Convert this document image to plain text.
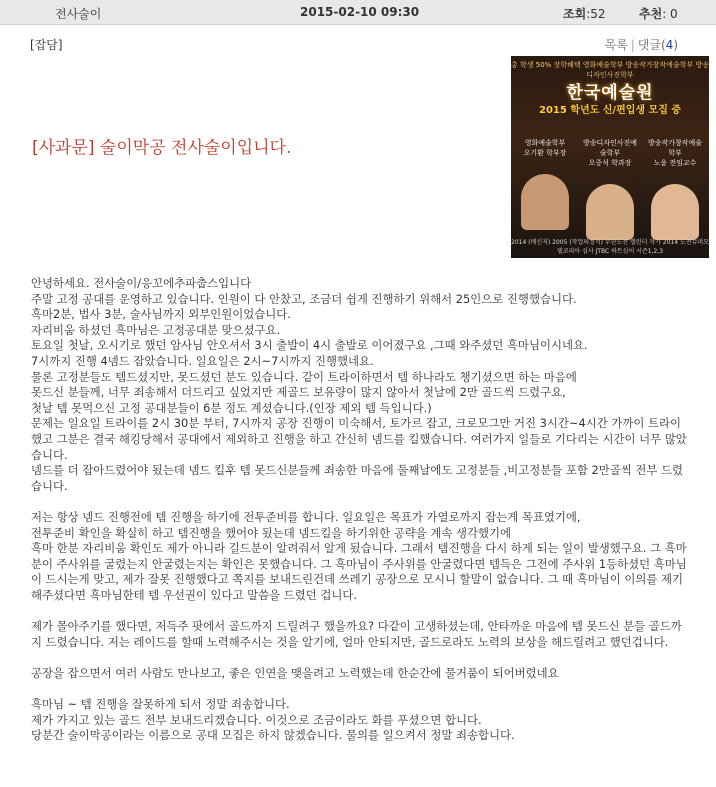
전사술이	2015-02-10 09:30	조회:52	추천: 0
[잡담]	목록 | 댓글(4)
[사과문] 술이막공 전사술이입니다.
총 학생 50% 장학혜택 영화예술학부 방송작가창작예술학부 방송디자인사진학부
한국예술원
2015 학년도 신/편입생 모집 중
영화예술학부
오기환 학부장
방송디자인사진예술학부
오중석 학과장
방송작가창작예술학부
노윤 전임교수
2014 (메신저) 2005 (작업의정석) 무한도전 캘린더 작가 2014 도전슈퍼모델코리아 심사 JTBC 하트심어 시즌1,2,3

안녕하세요. 전사술이/응꼬에추파춥스입니다

주말 고정 공대를 운영하고 있습니다. 인원이 다 안찼고, 조금더 쉽게 진행하기 위해서 25인으로 진행했습니다.

흑마2분, 법사 3분, 술사님까지 외부인원이었습니다.

자리비움 하셨던 흑마님은 고정공대분 맞으셨구요.

토요일 첫날, 오시기로 했던 암사님 안오셔서 3시 출발이 4시 출발로 이어졌구요 ,그때 와주셨던 흑마님이시네요.

7시까지 진행 4넴드 잡았습니다. 일요일은 2시~7시까지 진행했네요.

물론 고정분들도 템드셨지만, 못드셨던 분도 있습니다. 같이 트라이하면서 템 하나라도 챙기셨으면 하는 마음에

못드신 분들께, 너무 죄송해서 더드리고 싶었지만 제골드 보유량이 많지 않아서 첫날에 2만 골드씩 드렸구요,

첫날 템 못먹으신 고정 공대분들이 6분 정도 계셨습니다.(인장 제외 템 득입니다.)

문제는 일요일 트라이를 2시 30분 부터, 7시까지 공장 진행이 미숙해서, 토가르 잡고, 크로모그만 거진 3시간~4시간 가까이 트라이했고 그분은 결국 해킹당해서 공대에서 제외하고 진행을 하고 간신히 넴드를 킬했습니다. 여러가지 일들로 기다리는 시간이 너무 많았습니다.

넴드를 더 잡아드렸어야 됬는데 넴드 킬후 템 못드신분들께 죄송한 마음에 둘째날에도 고정분들 ,비고정분들 포함 2만골씩 전부 드렸습니다.

저는 항상 넴드 진행전에 템 진행을 하기에 전투준비를 합니다. 일요일은 목표가 가열로까지 잡는게 목표였기에,

전투준비 확인을 확실히 하고 템진행을 했어야 됬는데 넴드킬을 하기위한 공략을 계속 생각했기에

흑마 한분 자리비움 확인도 제가 아니라 길드분이 알려줘서 알게 됬습니다. 그래서 템진행을 다시 하게 되는 일이 발생했구요. 그 흑마분이 주사위를 굴렸는지 안굴렸는지는 확인은 못했습니다. 그 흑마님이 주사위를 안굴렸다면 템득은 그전에 주사위 1등하셨던 흑마님이 드시는게 맞고, 제가 잘못 진행했다고 쪽지를 보내드린건데 쓰레기 공장으로 모시니 할말이 없습니다. 그 때 흑마님이 이의를 제기해주셨다면 흑마님한테 템 우선권이 있다고 말씀을 드렸던 겁니다.

제가 몰아주기를 했다면, 저득주 팟에서 골드까지 드릴려구 했을까요? 다같이 고생하셨는데, 안타까운 마음에 템 못드신 분들 골드까지 드렸습니다. 저는 레이드를 할때 노력해주시는 것을 알기에, 얼마 안되지만, 골드로라도 노력의 보상을 해드릴려고 했던겁니다.

공장을 잡으면서 여러 사람도 만나보고, 좋은 인연을 맺을려고 노력했는데 한순간에 물거품이 되어버렸네요

흑마님 ~ 템 진행을 잘못하게 되서 정말 죄송합니다.

제가 가지고 있는 골드 전부 보내드리겠습니다. 이것으로 조금이라도 화를 푸셨으면 합니다.

당분간 술이막공이라는 이름으로 공대 모집은 하지 않겠습니다. 물의를 일으켜서 정말 죄송합니다.
